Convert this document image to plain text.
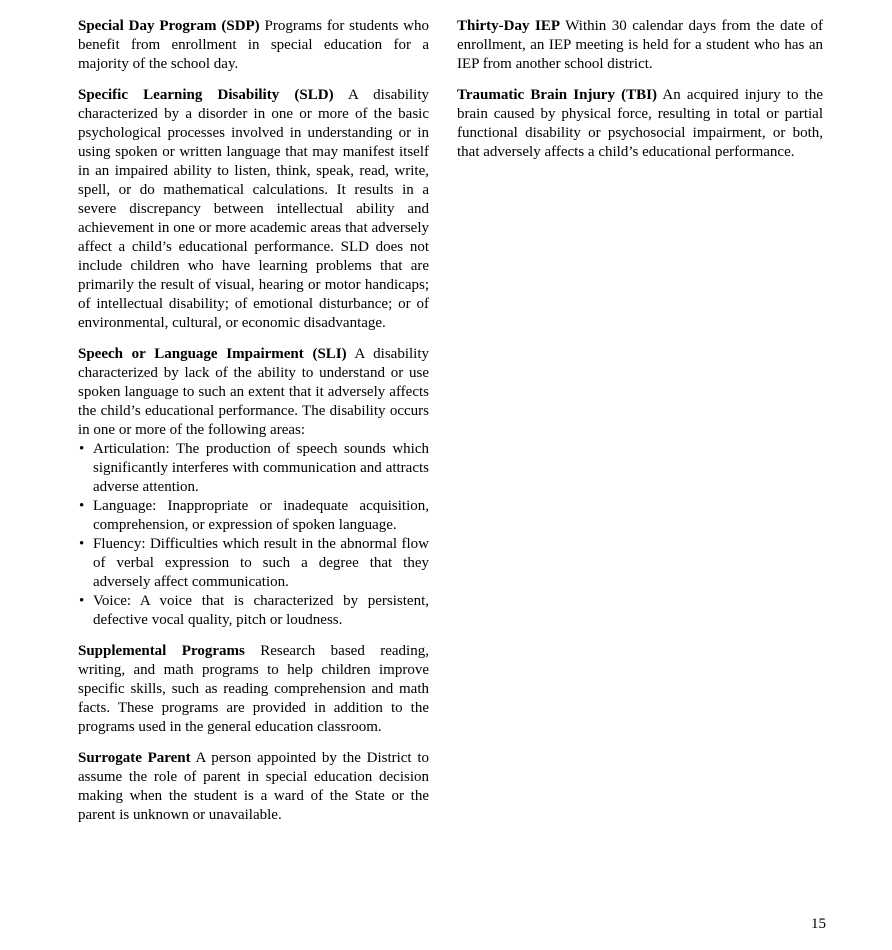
Special Day Program (SDP) Programs for students who benefit from enrollment in special education for a majority of the school day.

Specific Learning Disability (SLD) A disability characterized by a disorder in one or more of the basic psychological processes involved in understanding or in using spoken or written language that may manifest itself in an impaired ability to listen, think, speak, read, write, spell, or do mathematical calculations. It results in a severe discrepancy between intellectual ability and achievement in one or more academic areas that adversely affect a child’s educational performance. SLD does not include children who have learning problems that are primarily the result of visual, hearing or motor handicaps; of intellectual disability; of emotional disturbance; or of environmental, cultural, or economic disadvantage.

Speech or Language Impairment (SLI) A disability characterized by lack of the ability to understand or use spoken language to such an extent that it adversely affects the child’s educational performance. The disability occurs in one or more of the following areas:

• Articulation: The production of speech sounds which significantly interferes with communication and attracts adverse attention.
• Language: Inappropriate or inadequate acquisition, comprehension, or expression of spoken language.
• Fluency: Difficulties which result in the abnormal flow of verbal expression to such a degree that they adversely affect communication.
• Voice: A voice that is characterized by persistent, defective vocal quality, pitch or loudness.

Supplemental Programs Research based reading, writing, and math programs to help children improve specific skills, such as reading comprehension and math facts. These programs are provided in addition to the programs used in the general education classroom.

Surrogate Parent A person appointed by the District to assume the role of parent in special education decision making when the student is a ward of the State or the parent is unknown or unavailable.

Thirty-Day IEP Within 30 calendar days from the date of enrollment, an IEP meeting is held for a student who has an IEP from another school district.

Traumatic Brain Injury (TBI) An acquired injury to the brain caused by physical force, resulting in total or partial functional disability or psychosocial impairment, or both, that adversely affects a child’s educational performance.

15
